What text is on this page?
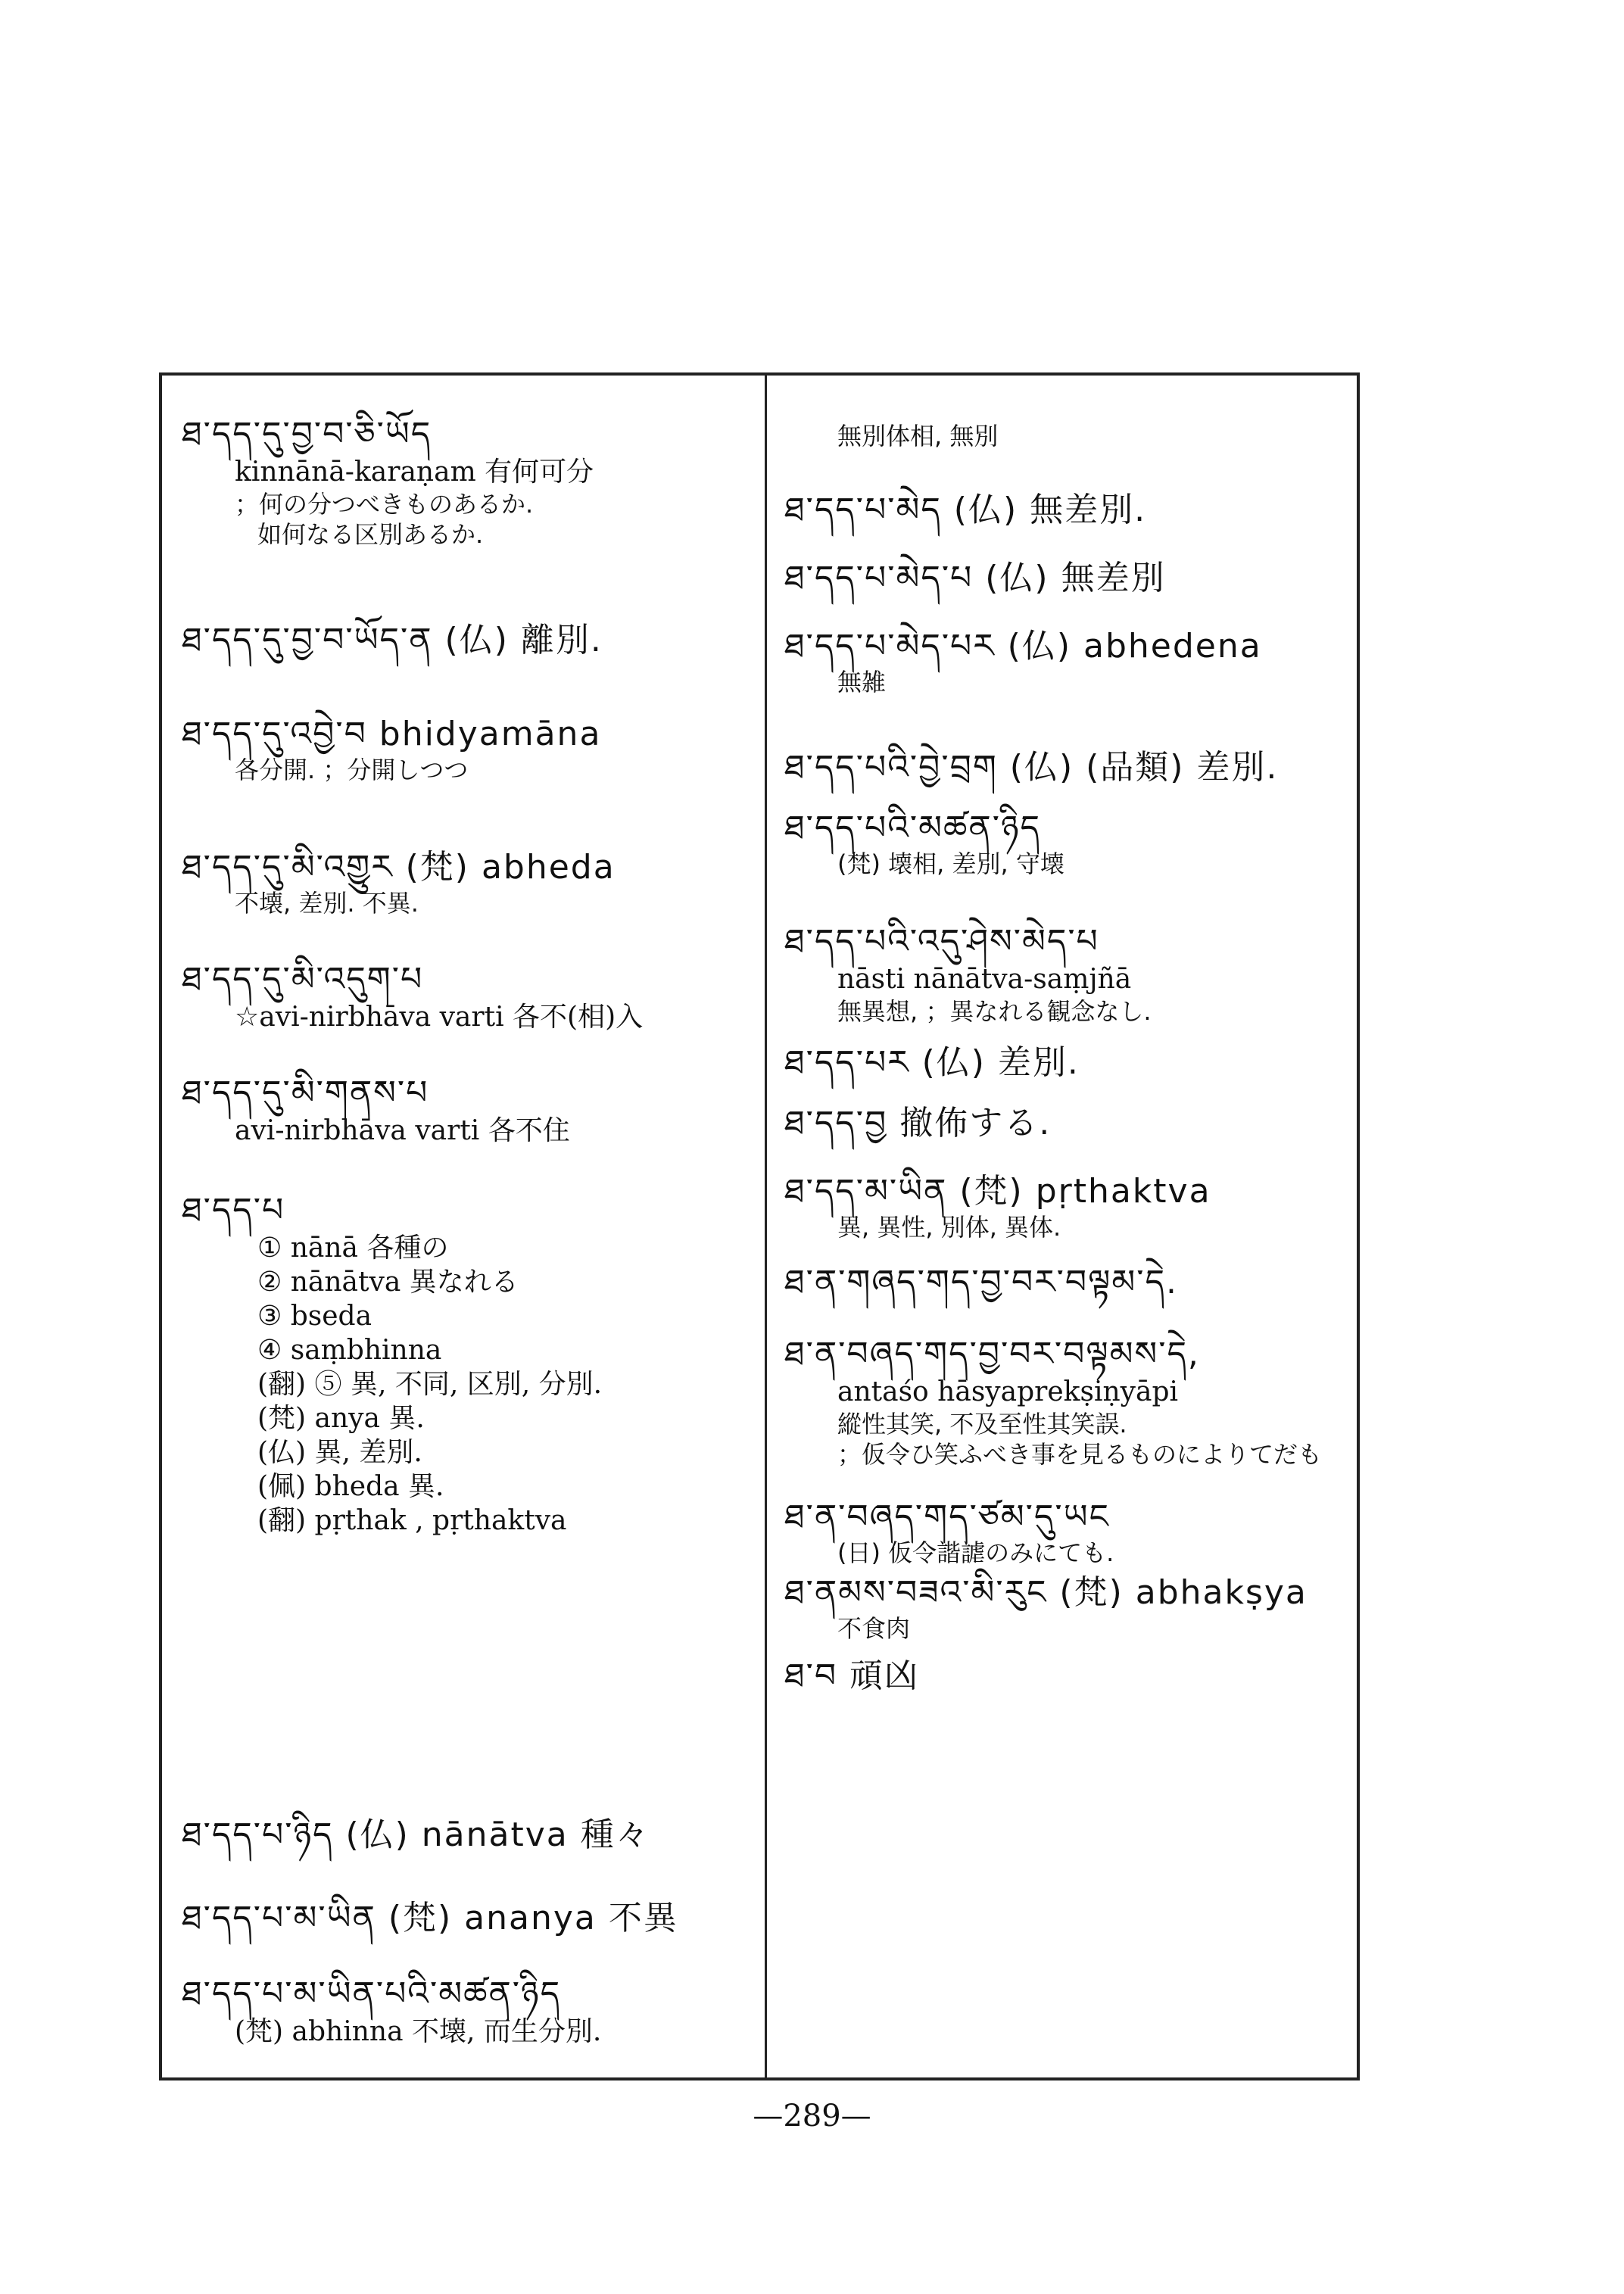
ཐ་དད་དུ་བྱ་བ་ཅི་ཡོད
kinnānā-karaṇam 有何可分
；何の分つべきものあるか.
如何なる区別あるか.
ཐ་དད་དུ་བྱ་བ་ཡོད་ན (仏) 離別.
ཐ་དད་དུ་འབྱེ་བ bhidyamāna
各分開. ；分開しつつ
ཐ་དད་དུ་མི་འགྱུར (梵) abheda
不壊, 差別. 不異.
ཐ་དད་དུ་མི་འདུག་པ
☆avi-nirbhāva varti 各不(相)入
ཐ་དད་དུ་མི་གནས་པ
avi-nirbhāva varti 各不住
ཐ་དད་པ
① nānā 各種の
② nānātva 異なれる
③ bseda
④ saṃbhinna
(翻) ⑤ 異, 不同, 区別, 分別.
(梵) anya 異.
(仏) 異, 差別.
(佩) bheda 異.
(翻) pṛthak , pṛthaktva
ཐ་དད་པ་ཉིད (仏) nānātva 種々
ཐ་དད་པ་མ་ཡིན (梵) ananya 不異
ཐ་དད་པ་མ་ཡིན་པའི་མཚན་ཉིད
(梵) abhinna 不壊, 而生分別.
無別体相, 無別
ཐ་དད་པ་མེད (仏) 無差別.
ཐ་དད་པ་མེད་པ (仏) 無差別
ཐ་དད་པ་མེད་པར (仏) abhedena
無雑
ཐ་དད་པའི་བྱེ་བྲག (仏) (品類) 差別.
ཐ་དད་པའི་མཚན་ཉིད
(梵) 壊相, 差別, 守壊
ཐ་དད་པའི་འདུ་ཤེས་མེད་པ
nāsti nānātva-saṃjñā
無異想, ；異なれる観念なし.
ཐ་དད་པར (仏) 差別.
ཐ་དད་བྱ 撤佈する.
ཐ་དད་མ་ཡིན (梵) pṛthaktva
異, 異性, 別体, 異体.
ཐ་ན་གཞད་གད་བྱ་བར་བལྟམ་དེ.
ཐ་ན་བཞད་གད་བྱ་བར་བལྟམས་དེ,
antaśo hāsyaprekṣiṇyāpi
縱性其笑, 不及至性其笑誤.
；仮令ひ笑ふべき事を見るものによりてだも
ཐ་ན་བཞད་གད་ཙམ་དུ་ཡང
(日) 仮令諧謔のみにても.
ཐ་ནམས་བཟའ་མི་རུང (梵) abhakṣya
不食肉
ཐ་བ 頑凶
—289—
